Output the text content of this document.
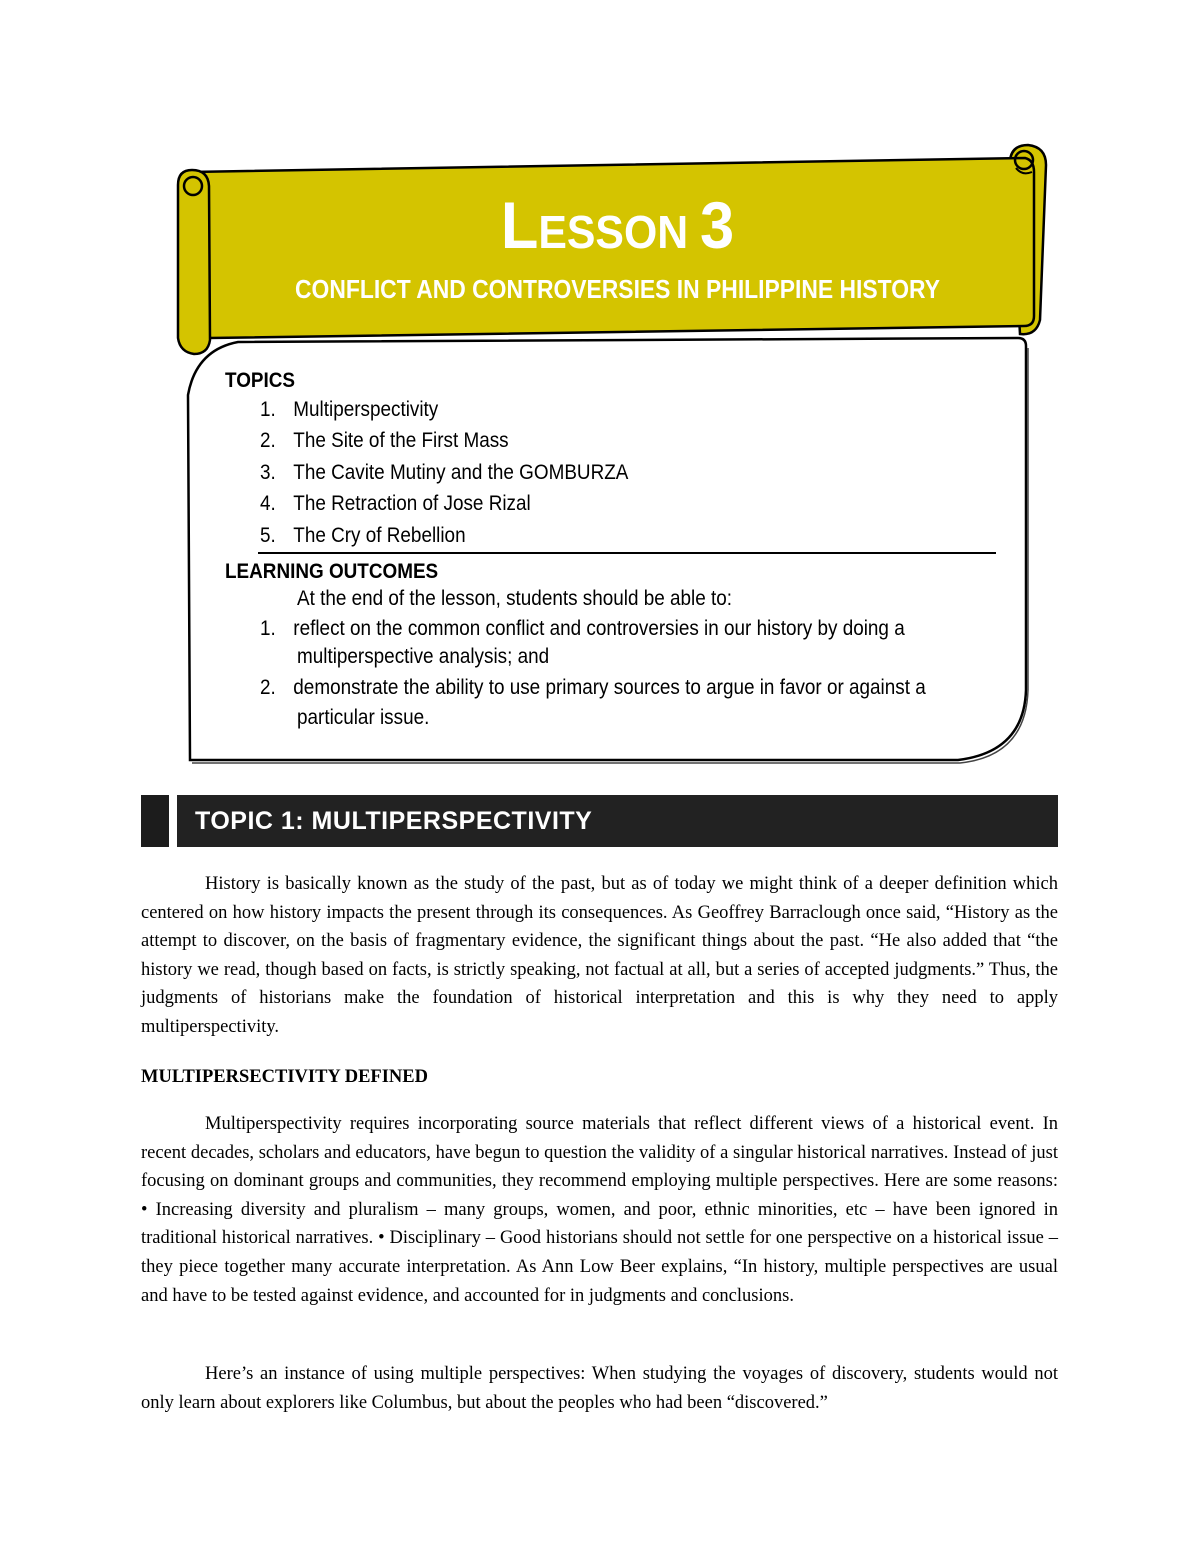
LESSON 3
CONFLICT AND CONTROVERSIES IN PHILIPPINE HISTORY
TOPICS
1. Multiperspectivity
2. The Site of the First Mass
3. The Cavite Mutiny and the GOMBURZA
4. The Retraction of Jose Rizal
5. The Cry of Rebellion
LEARNING OUTCOMES
At the end of the lesson, students should be able to:
1. reflect on the common conflict and controversies in our history by doing a
multiperspective analysis; and
2. demonstrate the ability to use primary sources to argue in favor or against a
particular issue.
TOPIC 1: MULTIPERSPECTIVITY

History is basically known as the study of the past, but as of today we might think of a deeper definition which centered on how history impacts the present through its consequences. As Geoffrey Barraclough once said, “History as the attempt to discover, on the basis of fragmentary evidence, the significant things about the past. “He also added that “the history we read, though based on facts, is strictly speaking, not factual at all, but a series of accepted judgments.” Thus, the judgments of historians make the foundation of historical interpretation and this is why they need to apply multiperspectivity.

MULTIPERSECTIVITY DEFINED

Multiperspectivity requires incorporating source materials that reflect different views of a historical event. In recent decades, scholars and educators, have begun to question the validity of a singular historical narratives. Instead of just focusing on dominant groups and communities, they recommend employing multiple perspectives. Here are some reasons: • Increasing diversity and pluralism – many groups, women, and poor, ethnic minorities, etc – have been ignored in traditional historical narratives. • Disciplinary – Good historians should not settle for one perspective on a historical issue – they piece together many accurate interpretation. As Ann Low Beer explains, “In history, multiple perspectives are usual and have to be tested against evidence, and accounted for in judgments and conclusions.

Here’s an instance of using multiple perspectives: When studying the voyages of discovery, students would not only learn about explorers like Columbus, but about the peoples who had been “discovered.”
